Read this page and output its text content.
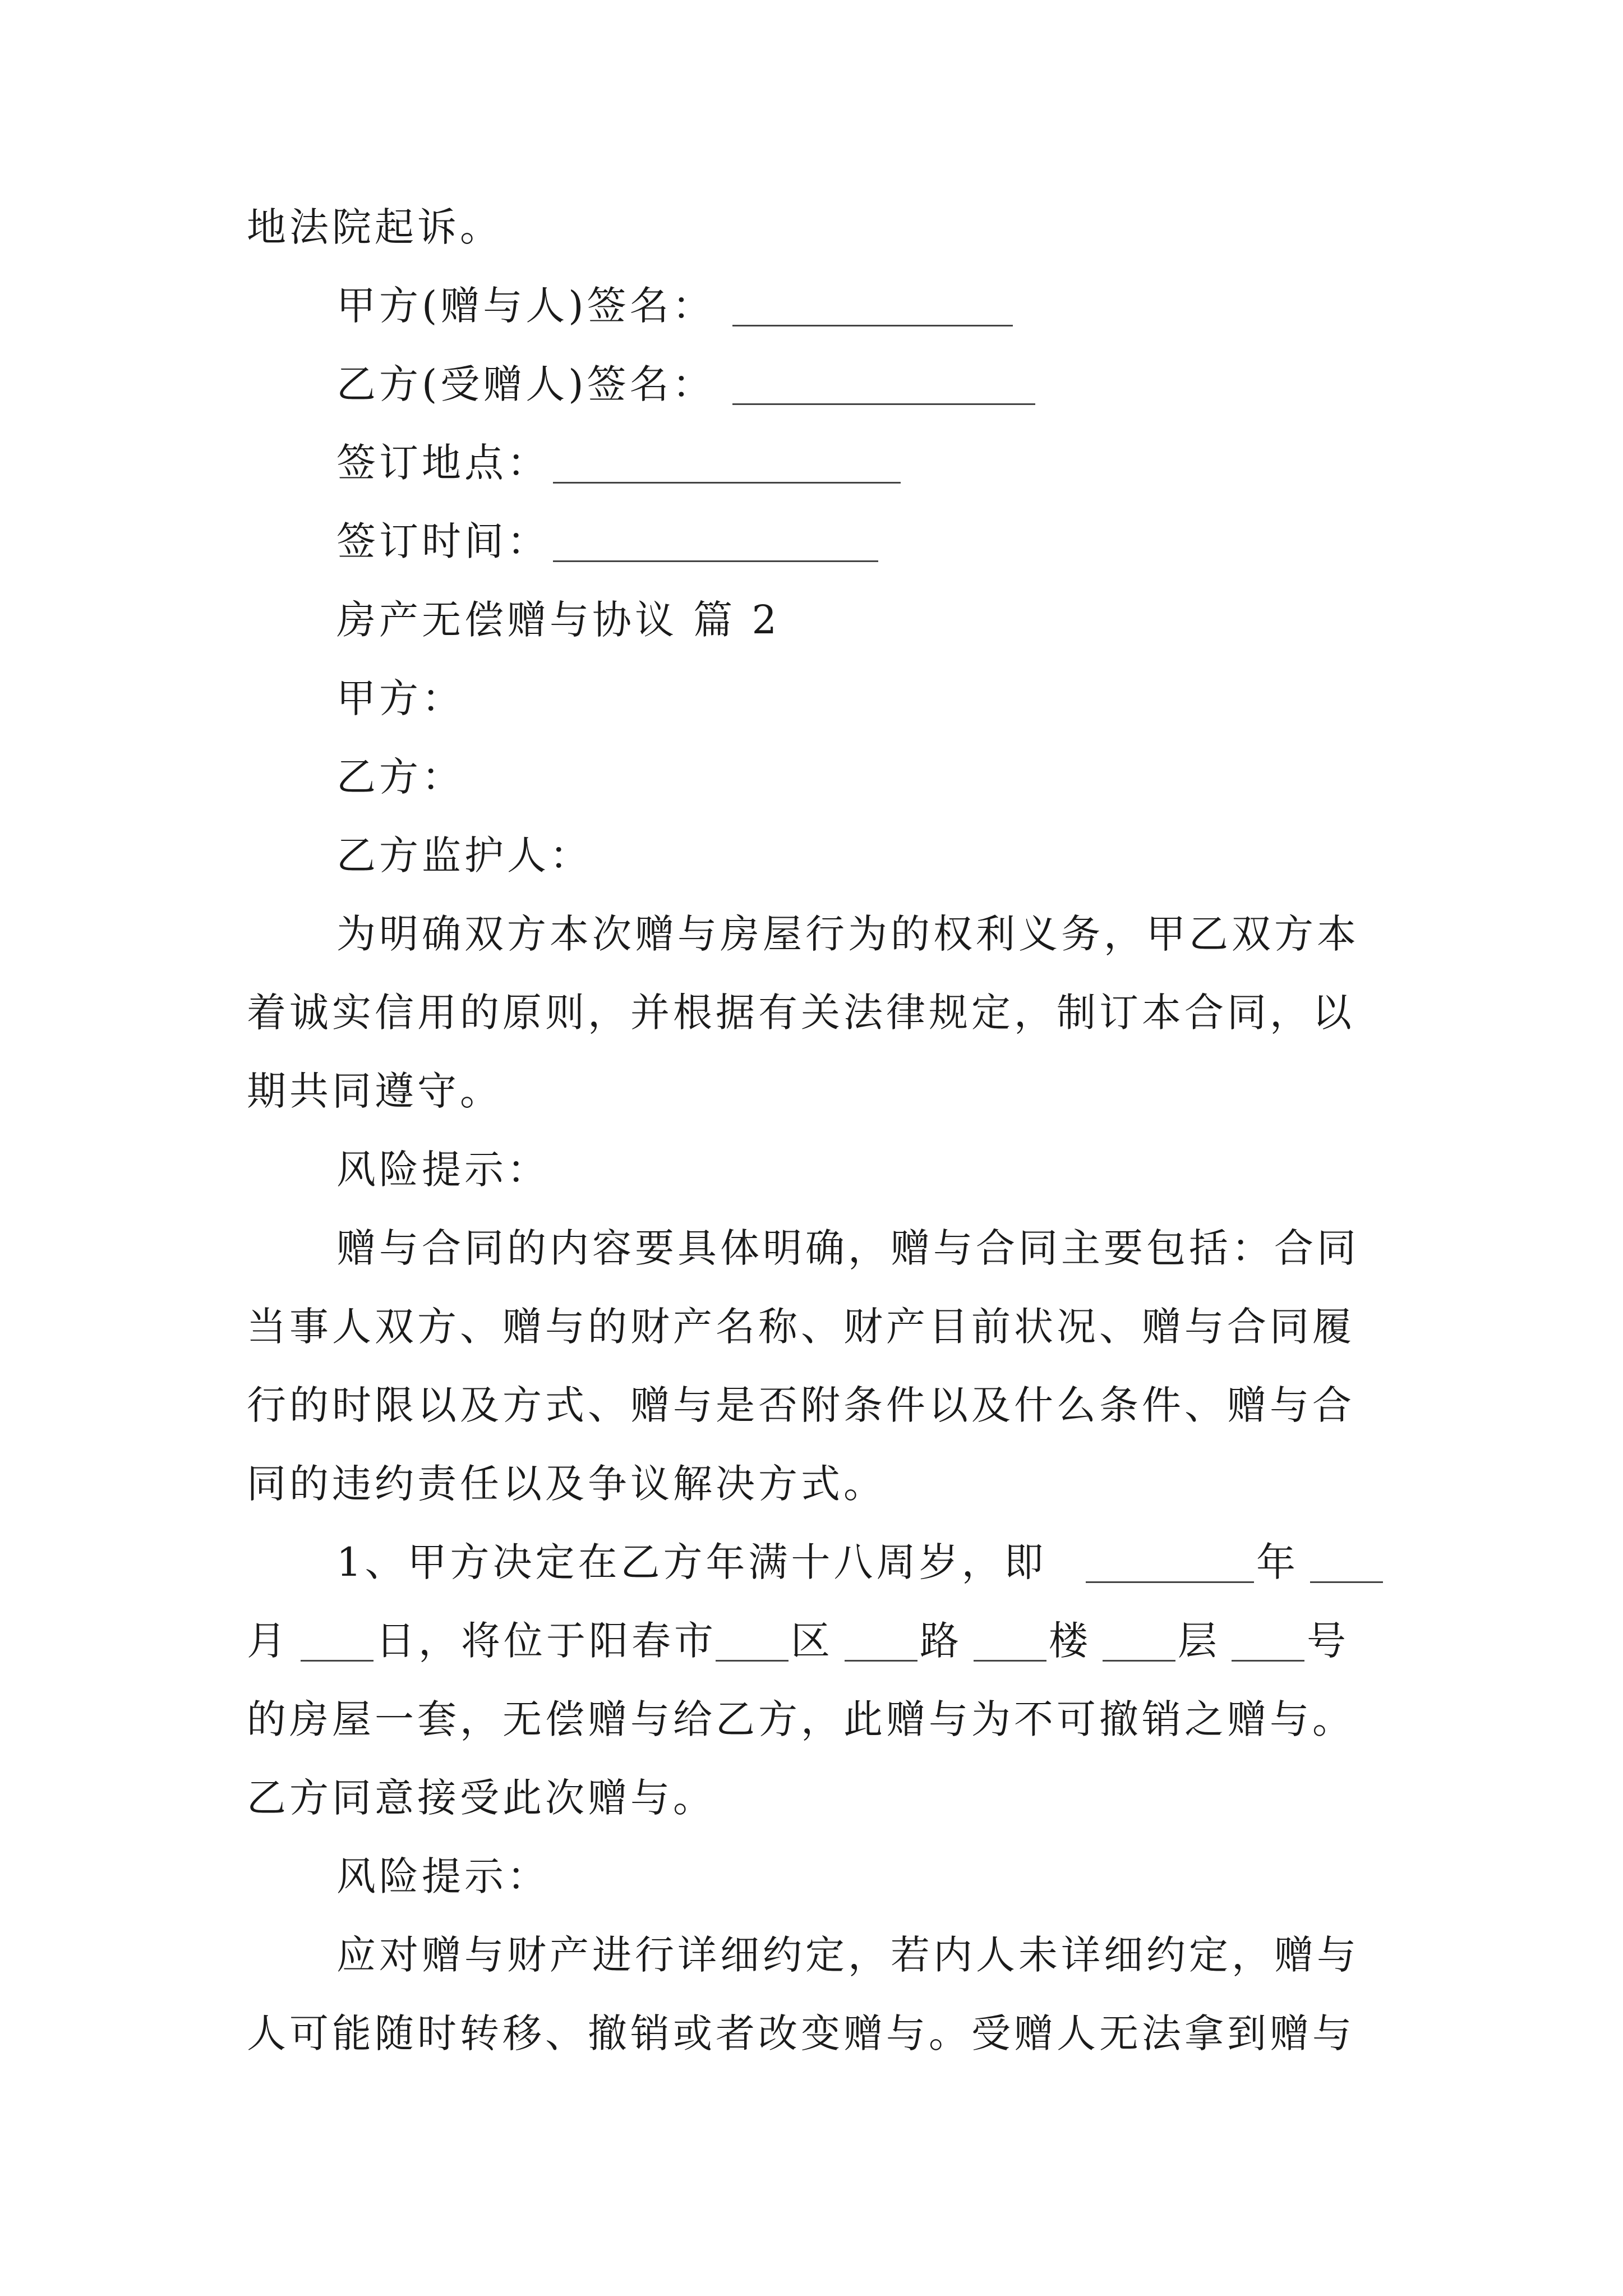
地法院起诉。
甲方(赠与人)签名：
乙方(受赠人)签名：
签订地点：
签订时间：
房产无偿赠与协议 篇 2
甲方：
乙方：
乙方监护人：
为明确双方本次赠与房屋行为的权利义务，甲乙双方本
着诚实信用的原则，并根据有关法律规定，制订本合同，以
期共同遵守。
风险提示：
赠与合同的内容要具体明确，赠与合同主要包括：合同
当事人双方、赠与的财产名称、财产目前状况、赠与合同履
行的时限以及方式、赠与是否附条件以及什么条件、赠与合
同的违约责任以及争议解决方式。
1、甲方决定在乙方年满十八周岁，即	年
月 日，将位于阳春市 区 路 楼 层 号
的房屋一套，无偿赠与给乙方，此赠与为不可撤销之赠与。
乙方同意接受此次赠与。
风险提示：
应对赠与财产进行详细约定，若内人未详细约定，赠与
人可能随时转移、撤销或者改变赠与。受赠人无法拿到赠与
